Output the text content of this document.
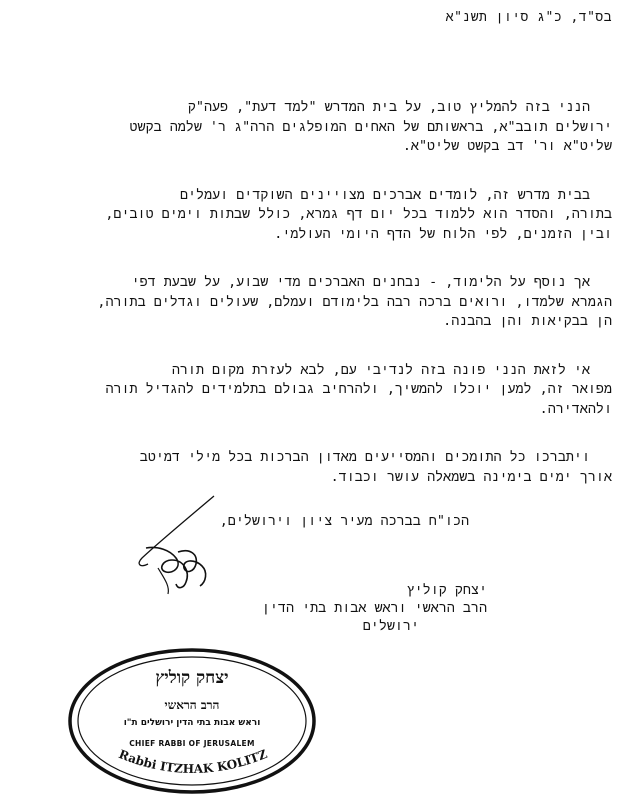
בס"ד, כ"ג סיון תשנ"א

הנני בזה להמליץ טוב, על בית המדרש "למד דעת", פעה"ק
ירושלים תובב"א, בראשותם של האחים המופלגים הרה"ג ר' שלמה בקשט
שליט"א ור' דב בקשט שליט"א.

בבית מדרש זה, לומדים אברכים מצויינים השוקדים ועמלים
בתורה, והסדר הוא ללמוד בכל יום דף גמרא, כולל שבתות וימים טובים,
ובין הזמנים, לפי הלוח של הדף היומי העולמי.

אך נוסף על הלימוד, - נבחנים האברכים מדי שבוע, על שבעת דפי
הגמרא שלמדו, ורואים ברכה רבה בלימודם ועמלם, שעולים וגדלים בתורה,
הן בבקיאות והן בהבנה.

אי לזאת הנני פונה בזה לנדיבי עם, לבא לעזרת מקום תורה
מפואר זה, למען יוכלו להמשיך, ולהרחיב גבולם בתלמידים להגדיל תורה
ולהאדירה.

ויתברכו כל התומכים והמסייעים מאדון הברכות בכל מילי דמיטב
אורך ימים בימינה בשמאלה עושר וכבוד.

הכו"ח בברכה מעיר ציון וירושלים,
יצחק קוליץ
הרב הראשי וראש אבות בתי הדין
ירושלים
Rabbi ITZHAK KOLITZ
יצחק קוליץ
הרב הראשי
וראש אבות בתי הדין ירושלים ת"ו
CHIEF RABBI OF JERUSALEM
